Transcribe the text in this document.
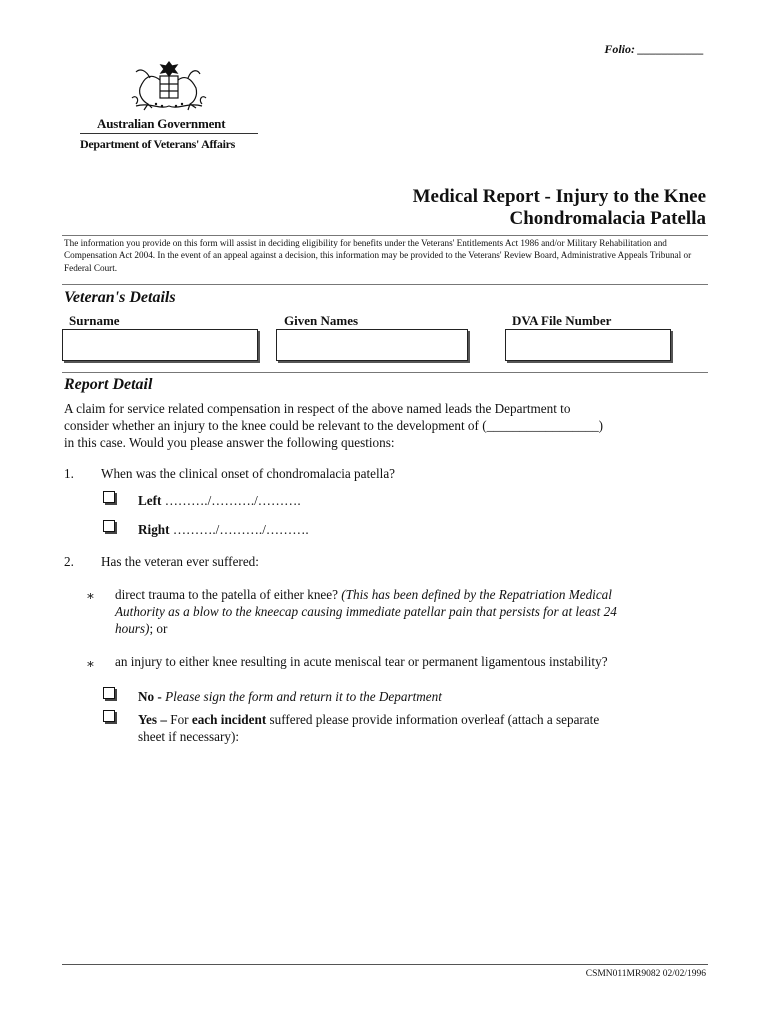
Folio: ___________
Australian Government
Department of Veterans' Affairs
Medical Report - Injury to the Knee
Chondromalacia Patella
The information you provide on this form will assist in deciding eligibility for benefits under the Veterans' Entitlements Act 1986 and/or Military Rehabilitation and Compensation Act 2004. In the event of an appeal against a decision, this information may be provided to the Veterans' Review Board, Administrative Appeals Tribunal or Federal Court.
Veteran's Details
Surname	Given Names	DVA File Number
Report Detail
A claim for service related compensation in respect of the above named leads the Department to
consider whether an injury to the knee could be relevant to the development of (_________________)
in this case. Would you please answer the following questions:
1. When was the clinical onset of chondromalacia patella?
Left ………./………./……….
Right ………./………./……….
2. Has the veteran ever suffered:
∗ direct trauma to the patella of either knee? (This has been defined by the Repatriation Medical
Authority as a blow to the kneecap causing immediate patellar pain that persists for at least 24
hours); or
∗ an injury to either knee resulting in acute meniscal tear or permanent ligamentous instability?
No - Please sign the form and return it to the Department
Yes – For each incident suffered please provide information overleaf (attach a separate
sheet if necessary):
CSMN011MR9082 02/02/1996
